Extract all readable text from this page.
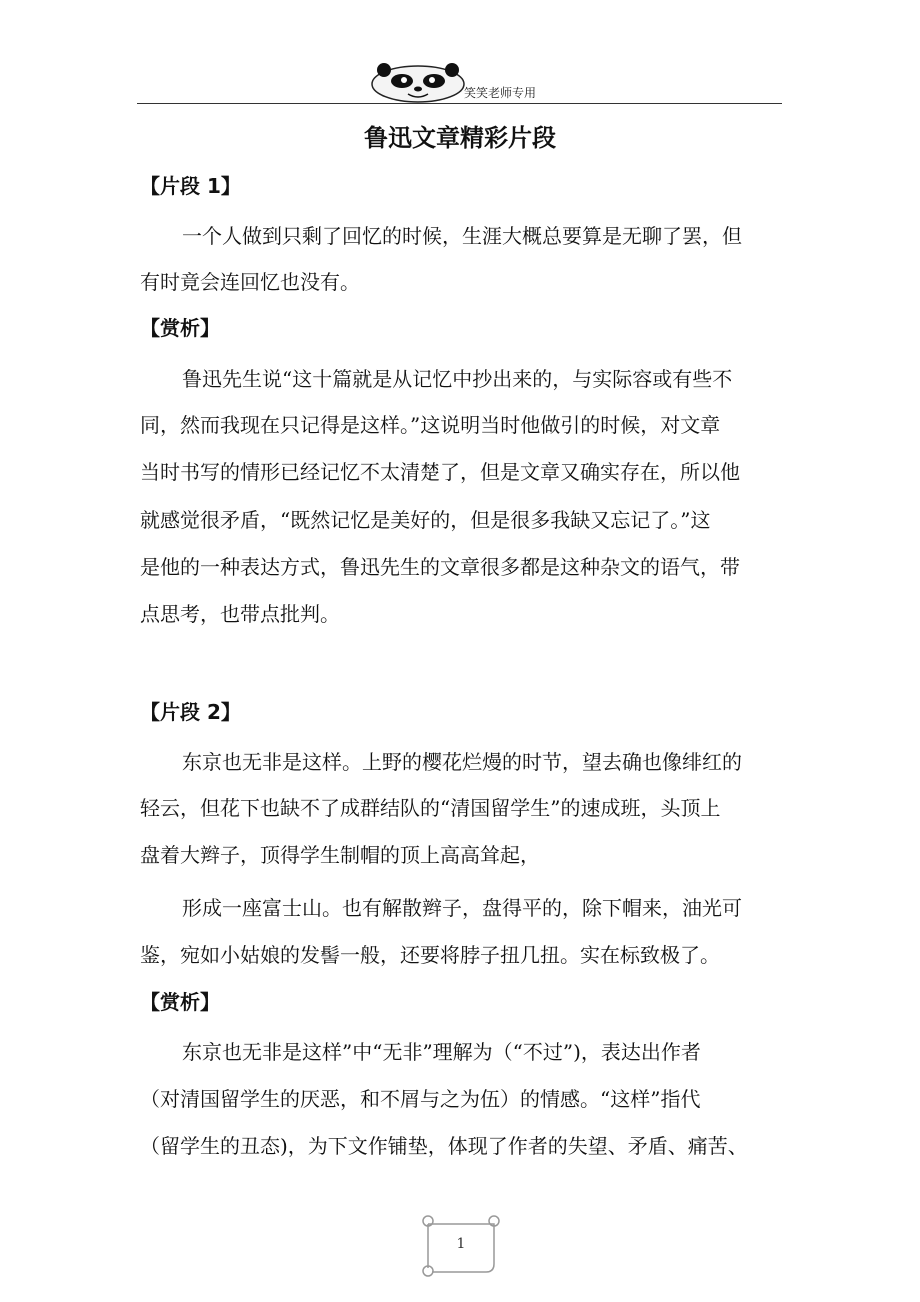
笑笑老师专用
鲁迅文章精彩片段
【片段 1】
一个人做到只剩了回忆的时候，生涯大概总要算是无聊了罢，但
有时竟会连回忆也没有。
【赏析】
鲁迅先生说“这十篇就是从记忆中抄出来的，与实际容或有些不
同，然而我现在只记得是这样。”这说明当时他做引的时候，对文章
当时书写的情形已经记忆不太清楚了，但是文章又确实存在，所以他
就感觉很矛盾，“既然记忆是美好的，但是很多我缺又忘记了。”这
是他的一种表达方式，鲁迅先生的文章很多都是这种杂文的语气，带
点思考，也带点批判。
【片段 2】
东京也无非是这样。上野的樱花烂熳的时节，望去确也像绯红的
轻云，但花下也缺不了成群结队的“清国留学生”的速成班，头顶上
盘着大辫子，顶得学生制帽的顶上高高耸起，
形成一座富士山。也有解散辫子，盘得平的，除下帽来，油光可
鉴，宛如小姑娘的发髻一般，还要将脖子扭几扭。实在标致极了。
【赏析】
东京也无非是这样”中“无非”理解为（“不过”)，表达出作者
（对清国留学生的厌恶，和不屑与之为伍）的情感。“这样”指代
（留学生的丑态)，为下文作铺垫，体现了作者的失望、矛盾、痛苦、
1
